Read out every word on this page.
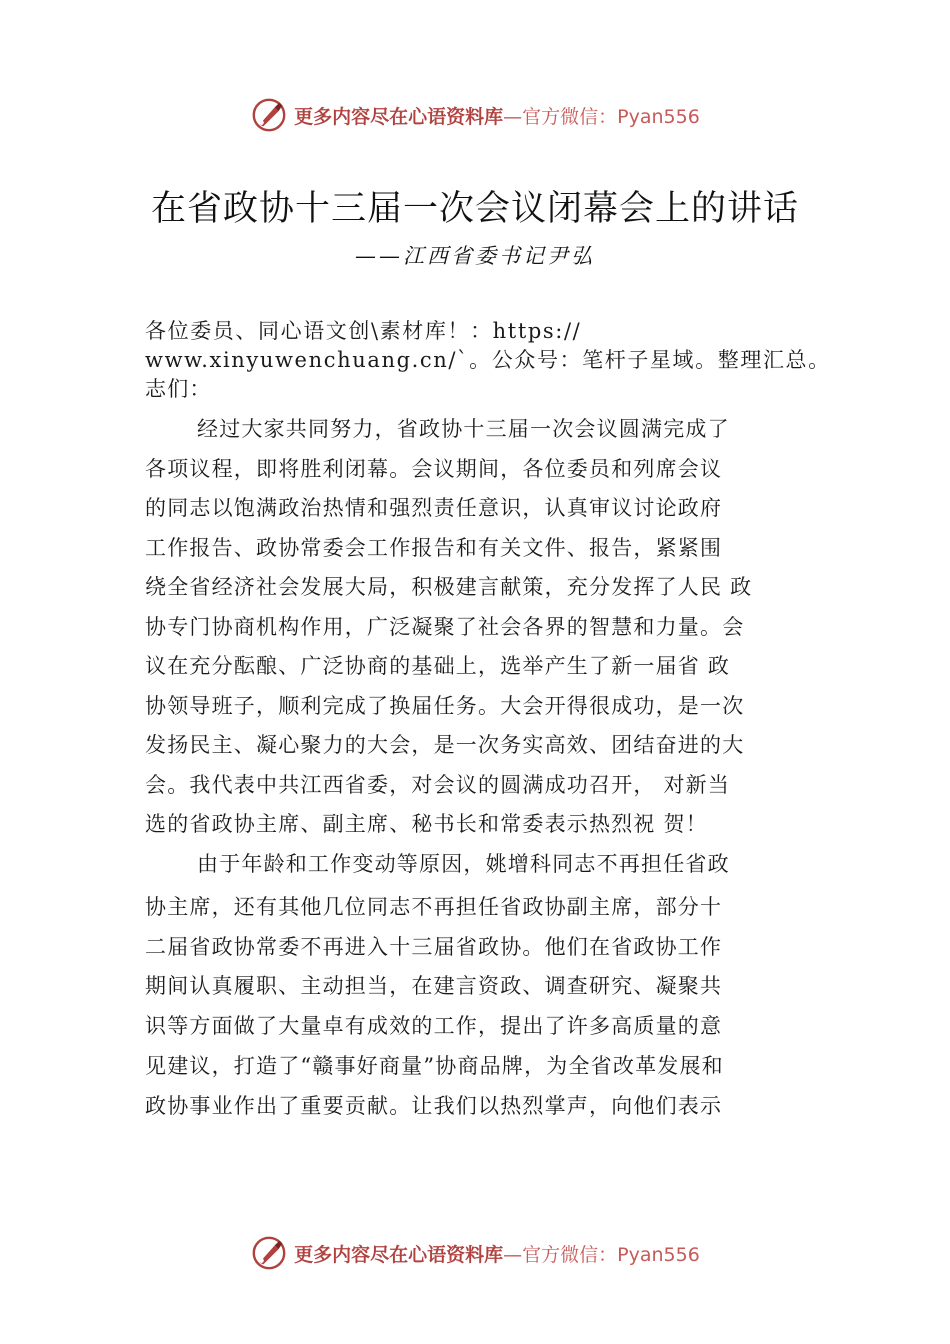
更多内容尽在心语资料库 —官方微信：Pyan556
在省政协十三届一次会议闭幕会上的讲话
——江西省委书记尹弘
各位委员、同心语文创\素材库！：https://
www.xinyuwenchuang.cn/`。公众号：笔杆子星域。整理汇总。
志们：
经过大家共同努力，省政协十三届一次会议圆满完成了
各项议程，即将胜利闭幕。会议期间，各位委员和列席会议
的同志以饱满政治热情和强烈责任意识，认真审议讨论政府
工作报告、政协常委会工作报告和有关文件、报告，紧紧围
绕全省经济社会发展大局，积极建言献策，充分发挥了人民 政
协专门协商机构作用，广泛凝聚了社会各界的智慧和力量。会
议在充分酝酿、广泛协商的基础上，选举产生了新一届省 政
协领导班子，顺利完成了换届任务。大会开得很成功，是一次
发扬民主、凝心聚力的大会，是一次务实高效、团结奋进的大
会。我代表中共江西省委，对会议的圆满成功召开， 对新当
选的省政协主席、副主席、秘书长和常委表示热烈祝 贺！
由于年龄和工作变动等原因，姚增科同志不再担任省政
协主席，还有其他几位同志不再担任省政协副主席，部分十
二届省政协常委不再进入十三届省政协。他们在省政协工作
期间认真履职、主动担当，在建言资政、调查研究、凝聚共
识等方面做了大量卓有成效的工作，提出了许多高质量的意
见建议，打造了“赣事好商量”协商品牌，为全省改革发展和
政协事业作出了重要贡献。让我们以热烈掌声，向他们表示
更多内容尽在心语资料库 —官方微信：Pyan556
